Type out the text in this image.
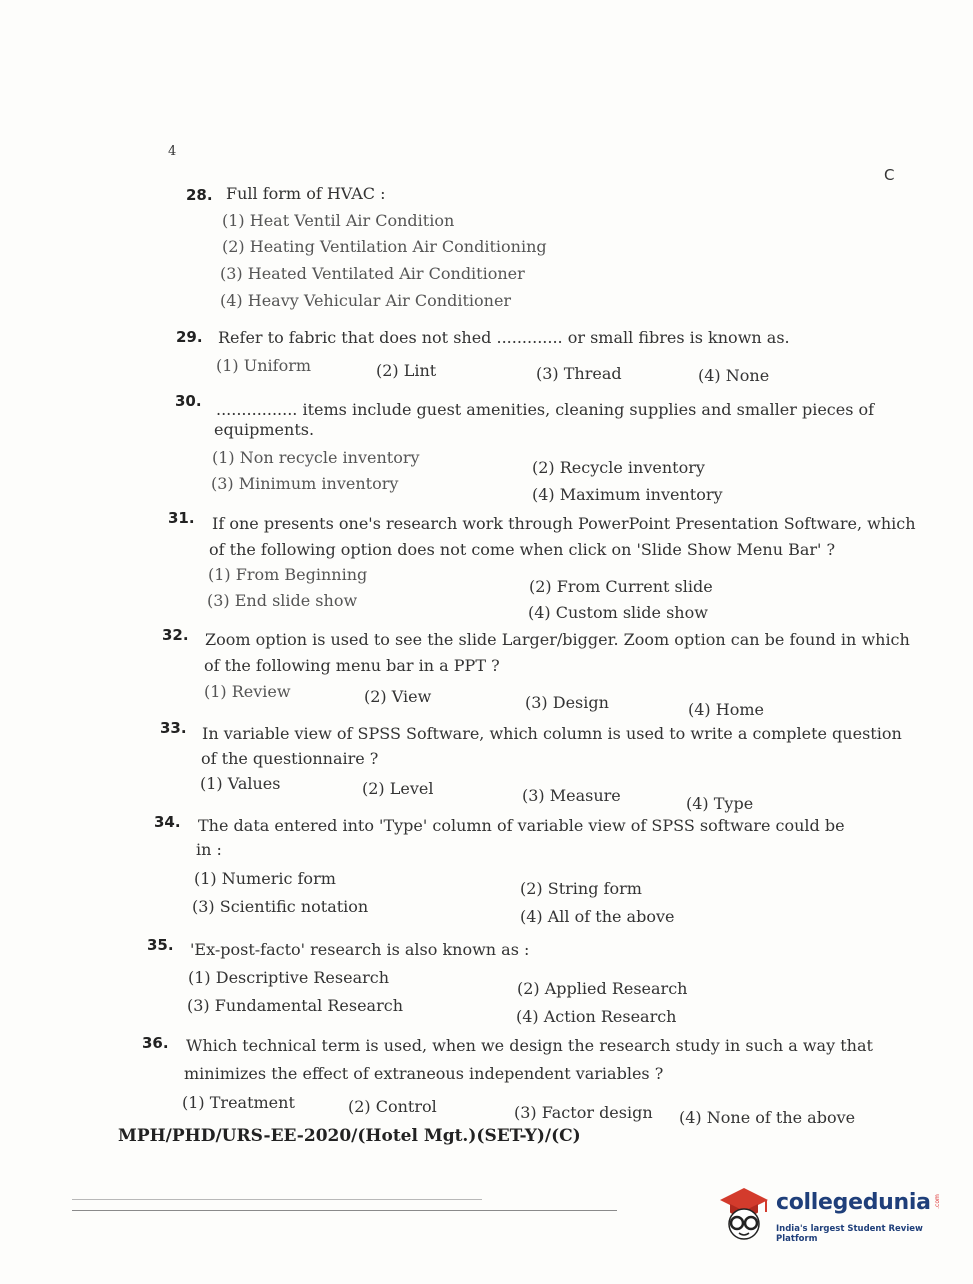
4
C
28. Full form of HVAC :
(1) Heat Ventil Air Condition
(2) Heating Ventilation Air Conditioning
(3) Heated Ventilated Air Conditioner
(4) Heavy Vehicular Air Conditioner
29. Refer to fabric that does not shed ............. or small fibres is known as.
(1) Uniform	(2) Lint	(3) Thread	(4) None
30. ................ items include guest amenities, cleaning supplies and smaller pieces of
equipments.
(1) Non recycle inventory
(2) Recycle inventory
(3) Minimum inventory
(4) Maximum inventory
31. If one presents one's research work through PowerPoint Presentation Software, which
of the following option does not come when click on 'Slide Show Menu Bar' ?
(1) From Beginning
(2) From Current slide
(3) End slide show
(4) Custom slide show
32. Zoom option is used to see the slide Larger/bigger. Zoom option can be found in which
of the following menu bar in a PPT ?
(1) Review	(2) View	(3) Design	(4) Home
33. In variable view of SPSS Software, which column is used to write a complete question
of the questionnaire ?
(1) Values	(2) Level	(3) Measure	(4) Type
34. The data entered into 'Type' column of variable view of SPSS software could be
in :
(1) Numeric form
(2) String form
(3) Scientific notation
(4) All of the above
35. 'Ex-post-facto' research is also known as :
(1) Descriptive Research
(2) Applied Research
(3) Fundamental Research
(4) Action Research
36. Which technical term is used, when we design the research study in such a way that
minimizes the effect of extraneous independent variables ?
(1) Treatment	(2) Control	(3) Factor design (4) None of the above
MPH/PHD/URS-EE-2020/(Hotel Mgt.)(SET-Y)/(C)
collegedunia .com
India's largest Student Review Platform
